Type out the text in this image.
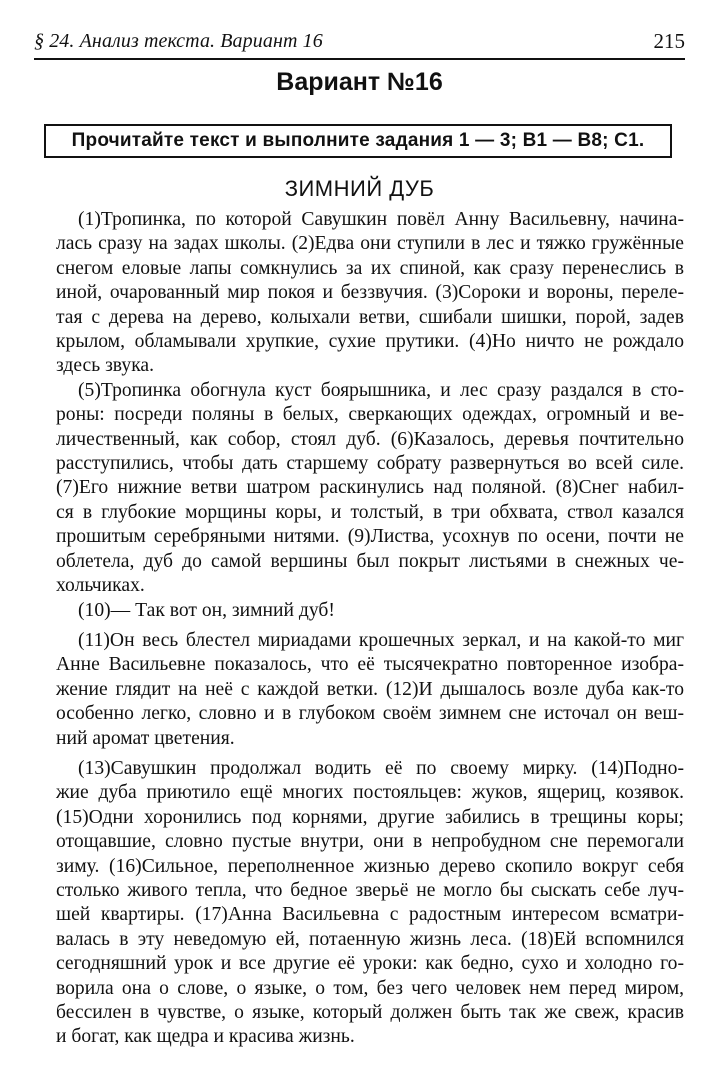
§ 24. Анализ текста. Вариант 16	215
Вариант №16
Прочитайте текст и выполните задания 1 — 3; В1 — В8; С1.
ЗИМНИЙ ДУБ
(1)Тропинка, по которой Савушкин повёл Анну Васильевну, начина-
лась сразу на задах школы. (2)Едва они ступили в лес и тяжко гружённые
снегом еловые лапы сомкнулись за их спиной, как сразу перенеслись в
иной, очарованный мир покоя и беззвучия. (3)Сороки и вороны, переле-
тая с дерева на дерево, колыхали ветви, сшибали шишки, порой, задев
крылом, обламывали хрупкие, сухие прутики. (4)Но ничто не рождало
здесь звука.
(5)Тропинка обогнула куст боярышника, и лес сразу раздался в сто-
роны: посреди поляны в белых, сверкающих одеждах, огромный и ве-
личественный, как собор, стоял дуб. (6)Казалось, деревья почтительно
расступились, чтобы дать старшему собрату развернуться во всей силе.
(7)Его нижние ветви шатром раскинулись над поляной. (8)Снег набил-
ся в глубокие морщины коры, и толстый, в три обхвата, ствол казался
прошитым серебряными нитями. (9)Листва, усохнув по осени, почти не
облетела, дуб до самой вершины был покрыт листьями в снежных че-
хольчиках.
(10)— Так вот он, зимний дуб!
(11)Он весь блестел мириадами крошечных зеркал, и на какой-то миг
Анне Васильевне показалось, что её тысячекратно повторенное изобра-
жение глядит на неё с каждой ветки. (12)И дышалось возле дуба как-то
особенно легко, словно и в глубоком своём зимнем сне источал он веш-
ний аромат цветения.
(13)Савушкин продолжал водить её по своему мирку. (14)Подно-
жие дуба приютило ещё многих постояльцев: жуков, ящериц, козявок.
(15)Одни хоронились под корнями, другие забились в трещины коры;
отощавшие, словно пустые внутри, они в непробудном сне перемогали
зиму. (16)Сильное, переполненное жизнью дерево скопило вокруг себя
столько живого тепла, что бедное зверьё не могло бы сыскать себе луч-
шей квартиры. (17)Анна Васильевна с радостным интересом всматри-
валась в эту неведомую ей, потаенную жизнь леса. (18)Ей вспомнился
сегодняшний урок и все другие её уроки: как бедно, сухо и холодно го-
ворила она о слове, о языке, о том, без чего человек нем перед миром,
бессилен в чувстве, о языке, который должен быть так же свеж, красив
и богат, как щедра и красива жизнь.
